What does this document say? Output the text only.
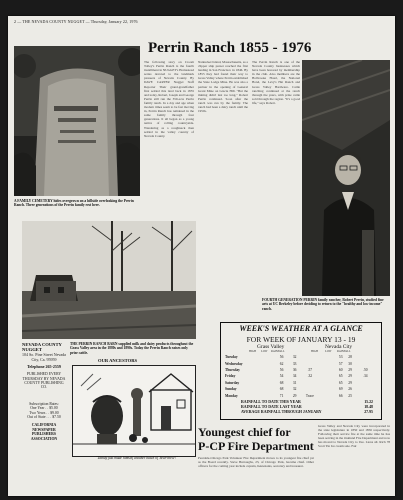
2 — THE NEVADA COUNTY NUGGET — Thursday, January 22, 1976
Perrin Ranch 1855 - 1976
A FAMILY CEMETERY hides overgrown on a hillside overlooking the Perrin Ranch. Three generations of the Perrin family rest here.
The following story on Croom Tolley's Perrin Ranch is the fourth installment in NUGGET's Homestead series devoted to the landmark pioneers of Nevada County. By DAVE CARTER Nugget Staff Reporter Their grand-grandfather first settled this land back in 1855 and today, Robert, Joseph and George Perrin still run the 350-acre Perrin family ranch. In a day and age when modern times seem to be fast moving in, Perrin Ranch has remained in the same family through four generations. It all began as a young native of rolling countryside. Wandering as a roughneck then settled in the valley country of Nevada County.
Nantucket Island, Massachusetts, as a clipper ship purser reached the first landing in San Francisco in 1846. By 1855 they had found their way to Grass Valley where Perrin established the State Lodge Mine. He was also a partner in the opening of General Grant Mine on Gracie Hill. "But the mining didn't last too long," Robert Perrin continued. Soon after the ranch was run by the family. The ranch had been a dairy ranch until the 1950s.
The Perrin Ranch is one of the Nevada County businesses which have been honored by membership in the club. Also members are the Holbrooke Hotel, the National Hotel, the Levy's Hat Ranch and Grass Valley Hardware. Cattle ranching continued at the ranch through the years, with prize cattle sold through the region. "It's a good life," says Robert.
THE PERRIN RANCH BARN supplied milk and dairy products throughout the Grass Valley area in the 1880s and 1890s. Today the Perrin Ranch raises only prize cattle.
FOURTH GENERATION PERRIN family rancher, Robert Perrin, studied fine arts at UC Berkeley before deciding to return to the "healthy and low income" ranch.
NEVADA COUNTY NUGGET
104 So. Pine Street Nevada City, Ca. 95959
Telephone 265-2559
PUBLISHED EVERY THURSDAY BY NEVADA COUNTY PUBLISHING CO.
Subscription Rates:
One Year . . $5.00
Two Years . . $9.00
Out of State . . . $7.50
CALIFORNIA NEWSPAPER PUBLISHERS ASSOCIATION
OUR ANCESTORS
"Dandy just made himself another batch of 'bear-brew'!"
WEEK'S WEATHER AT A GLANCE
FOR WEEK OF JANUARY 13 - 19
Grass Valley	Nevada City
HIGH LOW RAINFALL	HIGH	LOW RAINFALL
Tuesday	56	32		53	28	
Wednesday	62	33		57	30	
Thursday	56	36	.57	60	29	.50
Friday	54	34	.32	65	29	.34
Saturday	68	31		65	29	
Sunday	68	32		69	26	
Monday	71	29	Trace	66	25	
RAINFALL TO DATE THIS YEAR	15.22
RAINFALL TO DATE LAST YEAR	18.48
AVERAGE RAINFALL THROUGH JANUARY	27.95
Youngest chief for
P-CP Fire Department
Peardale-Chicago Park Volunteer Fire Department moves to its youngest fire chief yet as the Board recently. Steve Burroughs, 23, of Chicago Park, became chief. Other officers for the coming year include captain, lieutenants, secretary and treasurer.
Grass Valley and Nevada City were incorporated in the state legislature in 1850 and 1856 respectively. Following their service fire at the same time he has been serving in the Oakland Fire Department and now has moved to Nevada City to live. Lions all. Rich 78 Scott Tin Ice cream sale. Fair
